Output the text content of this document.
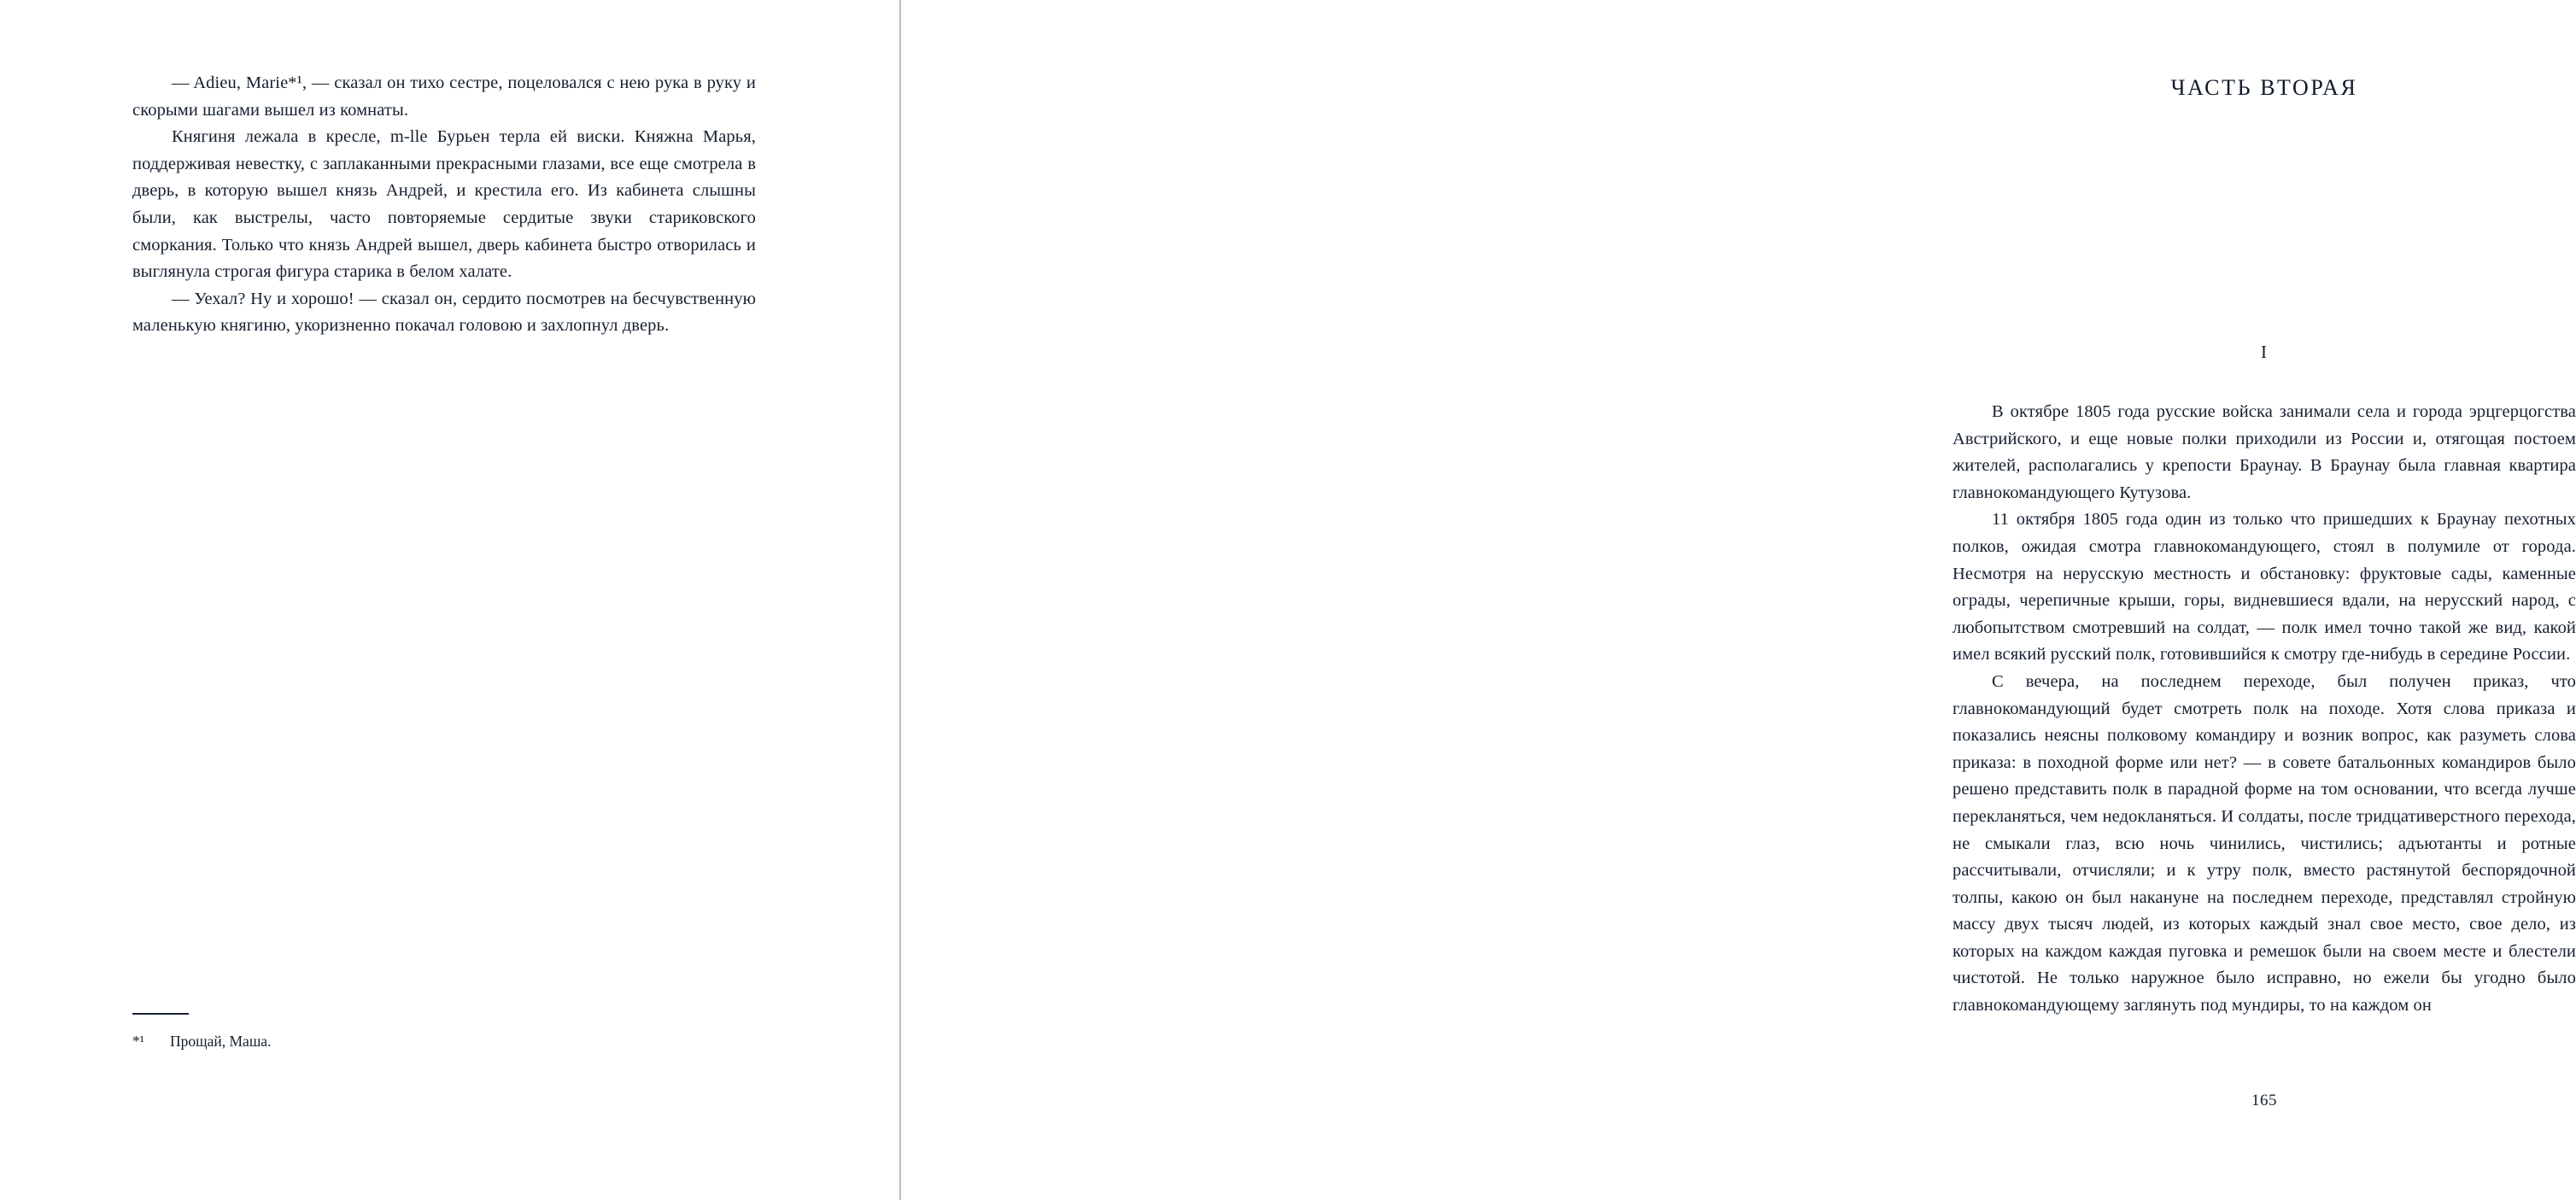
— Adieu, Marie*¹, — сказал он тихо сестре, поцеловался с нею рука в руку и скорыми шагами вышел из комнаты.

Княгиня лежала в кресле, m-lle Бурьен терла ей виски. Княжна Марья, поддерживая невестку, с заплаканными прекрасными глазами, все еще смотрела в дверь, в которую вышел князь Андрей, и крестила его. Из кабинета слышны были, как выстрелы, часто повторяемые сердитые звуки стариковского сморкания. Только что князь Андрей вышел, дверь кабинета быстро отворилась и выглянула строгая фигура старика в белом халате.

— Уехал? Ну и хорошо! — сказал он, сердито посмотрев на бесчувственную маленькую княгиню, укоризненно покачал головою и захлопнул дверь.

*¹ Прощай, Маша.
ЧАСТЬ ВТОРАЯ
I

В октябре 1805 года русские войска занимали села и города эрцгерцогства Австрийского, и еще новые полки приходили из России и, отягощая постоем жителей, располагались у крепости Браунау. В Браунау была главная квартира главнокомандующего Кутузова.

11 октября 1805 года один из только что пришедших к Браунау пехотных полков, ожидая смотра главнокомандующего, стоял в полумиле от города. Несмотря на нерусскую местность и обстановку: фруктовые сады, каменные ограды, черепичные крыши, горы, видневшиеся вдали, на нерусский народ, с любопытством смотревший на солдат, — полк имел точно такой же вид, какой имел всякий русский полк, готовившийся к смотру где-нибудь в середине России.

С вечера, на последнем переходе, был получен приказ, что главнокомандующий будет смотреть полк на походе. Хотя слова приказа и показались неясны полковому командиру и возник вопрос, как разуметь слова приказа: в походной форме или нет? — в совете батальонных командиров было решено представить полк в парадной форме на том основании, что всегда лучше перекланяться, чем недокланяться. И солдаты, после тридцативерстного перехода, не смыкали глаз, всю ночь чинились, чистились; адъютанты и ротные рассчитывали, отчисляли; и к утру полк, вместо растянутой беспорядочной толпы, какою он был накануне на последнем переходе, представлял стройную массу двух тысяч людей, из которых каждый знал свое место, свое дело, из которых на каждом каждая пуговка и ремешок были на своем месте и блестели чистотой. Не только наружное было исправно, но ежели бы угодно было главнокомандующему заглянуть под мундиры, то на каждом он

165
